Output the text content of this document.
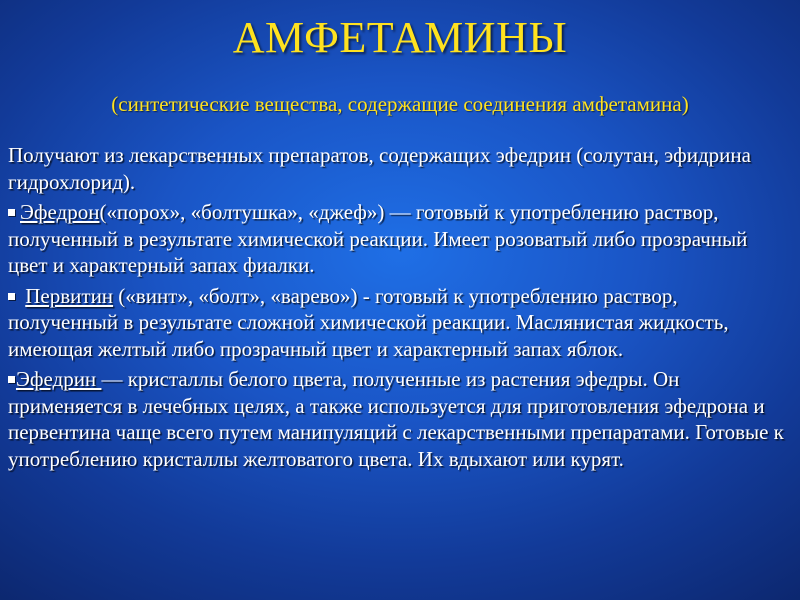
АМФЕТАМИНЫ
(синтетические вещества, содержащие соединения амфетамина)

Получают из лекарственных препаратов, содержащих эфедрин (солутан, эфидрина гидрохлорид).

Эфедрон(«порох», «болтушка», «джеф») — готовый к употреблению раствор, полученный в результате химической реакции. Имеет розоватый либо прозрачный цвет и характерный запах фиалки.

Первитин («винт», «болт», «варево») - готовый к употреблению раствор, полученный в результате сложной химической реакции. Маслянистая жидкость, имеющая желтый либо прозрачный цвет и характерный запах яблок.

Эфедрин — кристаллы белого цвета, полученные из растения эфедры. Он применяется в лечебных целях, а также используется для приготовления эфедрона и первентина чаще всего путем манипуляций с лекарственными препаратами. Готовые к употреблению кристаллы желтоватого цвета. Их вдыхают или курят.
